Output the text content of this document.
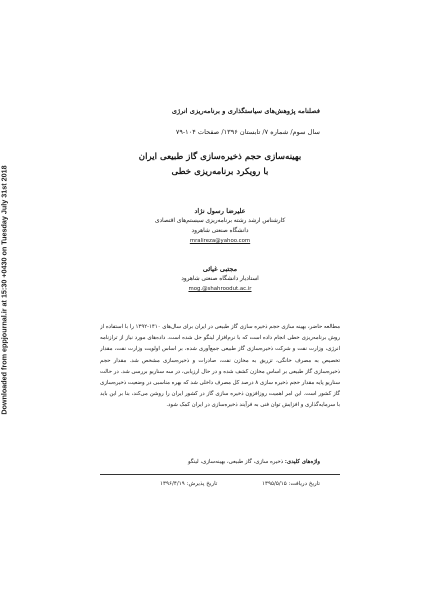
Downloaded from eppjournal.ir at 15:30 +0430 on Tuesday July 31st 2018
فصلنامه پژوهش‌های سیاستگذاری و برنامه‌ریزی انرژی
سال سوم/ شماره ۷/ تابستان ۱۳۹۶/ صفحات ۱۰۴-۷۹
بهینه‌سازی حجم ذخیره‌سازی گاز طبیعی ایران
با رویکرد برنامه‌ریزی خطی
علیرضا رسول نژاد
کارشناس ارشد رشته برنامه‌ریزی سیستم‌های اقتصادی
دانشگاه صنعتی شاهرود
mralireza@yahoo.com
مجتبی غیاثی
استادیار دانشگاه صنعتی شاهرود
mog.@shahroodut.ac.ir
مطالعه حاضر، بهینه سازی حجم ذخیره سازی گاز طبیعی در ایران برای سال‌های ۱۴۱۰-۱۳۹۲ را با استفاده از روش برنامه‌ریزی خطی انجام داده است که با نرم‌افزار لینگو حل شده است. داده‌های مورد نیاز از ترازنامه انرژی، وزارت نفت و شرکت ذخیره‌سازی گاز طبیعی جمع‌آوری شده، بر اساس اولویت وزارت نفت، مقدار تخصیص به مصرف خانگی، تزریق به مخازن نفت، صادرات و ذخیره‌سازی مشخص شد. مقدار حجم ذخیره‌سازی گاز طبیعی بر اساس مخازن کشف شده و در حال ارزیابی، در سه سناریو بررسی شد. در حالت سناریو پایه مقدار حجم ذخیره سازی ۸ درصد کل مصرف داخلی شد که بهره مناسبی در وضعیت ذخیره‌سازی گاز کشور است. این امر اهمیت روزافزون ذخیره سازی گاز در کشور ایران را روشن می‌کند، بنا بر این باید با سرمایه‌گذاری و افزایش توان فنی به فرآیند ذخیره‌سازی در ایران کمک شود.
واژه‌های کلیدی: ذخیره سازی، گاز طبیعی، بهینه‌سازی، لینگو
تاریخ دریافت: ۱۳۹۵/۵/۱۵
تاریخ پذیرش: ۱۳۹۶/۴/۱۹
